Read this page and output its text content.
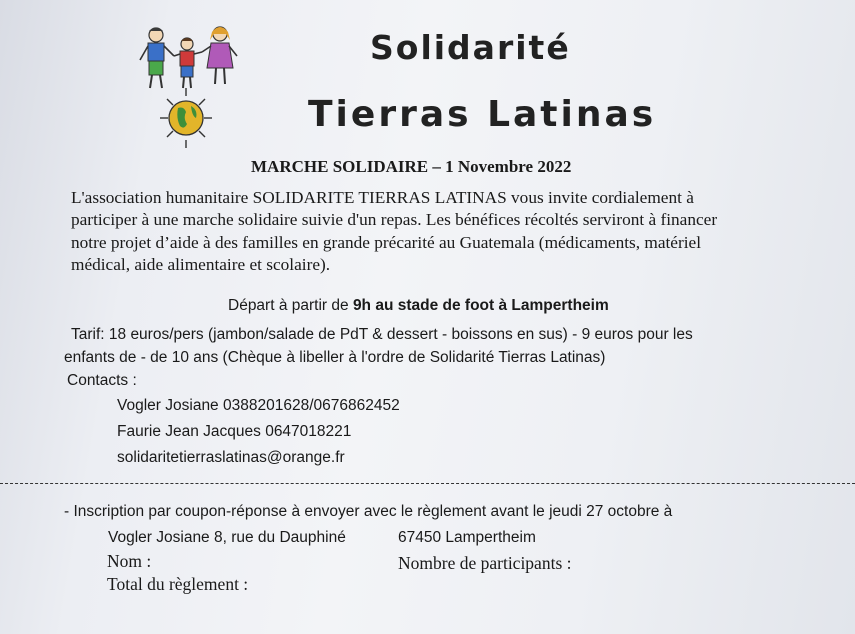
Solidarité
Tierras Latinas
MARCHE SOLIDAIRE – 1 Novembre 2022
L'association humanitaire SOLIDARITE TIERRAS LATINAS vous invite cordialement à
participer à une marche solidaire suivie d'un repas. Les bénéfices récoltés serviront à financer
notre projet d’aide à des familles en grande précarité au Guatemala (médicaments, matériel
médical, aide alimentaire et scolaire).
Départ à partir de 9h au stade de foot à Lampertheim
Tarif: 18 euros/pers (jambon/salade de PdT & dessert - boissons en sus) - 9 euros pour les
enfants de - de 10 ans (Chèque à libeller à l'ordre de Solidarité Tierras Latinas)
Contacts :
Vogler Josiane 0388201628/0676862452
Faurie Jean Jacques 0647018221
solidaritetierraslatinas@orange.fr
- Inscription par coupon-réponse à envoyer avec le règlement avant le jeudi 27 octobre à
Vogler Josiane 8, rue du Dauphiné	67450 Lampertheim
Nom :	Nombre de participants :
Total du règlement :
